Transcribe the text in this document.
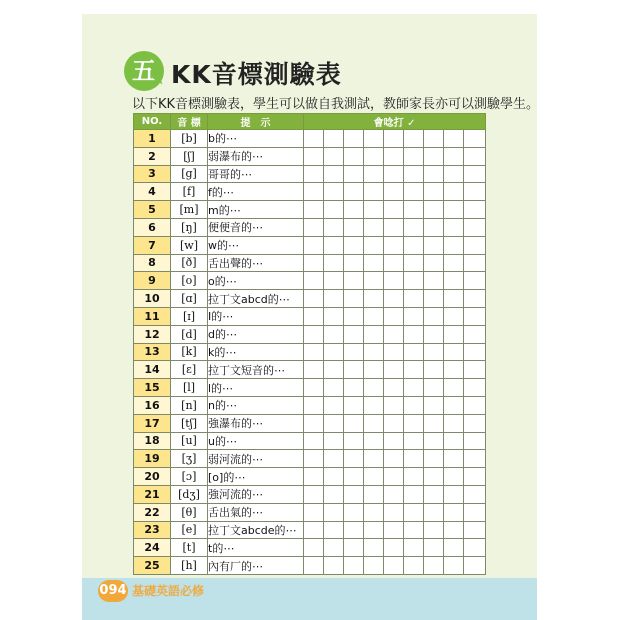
五 KK音標測驗表
以下KK音標測驗表，學生可以做自我測試，教師家長亦可以測驗學生。
NO.	音 標	提　示	會唸打 ✓								
1	[b]	b的⋯									
2	[ʃ]	弱瀑布的⋯									
3	[g]	哥哥的⋯									
4	[f]	f的⋯									
5	[m]	m的⋯									
6	[ŋ]	便便音的⋯									
7	[w]	w的⋯									
8	[ð]	舌出聲的⋯									
9	[o]	o的⋯									
10	[ɑ]	拉丁文abcd的⋯									
11	[ɪ]	I的⋯									
12	[d]	d的⋯									
13	[k]	k的⋯									
14	[ɛ]	拉丁文短音的⋯									
15	[l]	l的⋯									
16	[n]	n的⋯									
17	[tʃ]	強瀑布的⋯									
18	[u]	u的⋯									
19	[ʒ]	弱河流的⋯									
20	[ɔ]	[o]的⋯									
21	[dʒ]	強河流的⋯									
22	[θ]	舌出氣的⋯									
23	[e]	拉丁文abcde的⋯									
24	[t]	t的⋯									
25	[h]	內有厂的⋯									
094 基礎英語必修
